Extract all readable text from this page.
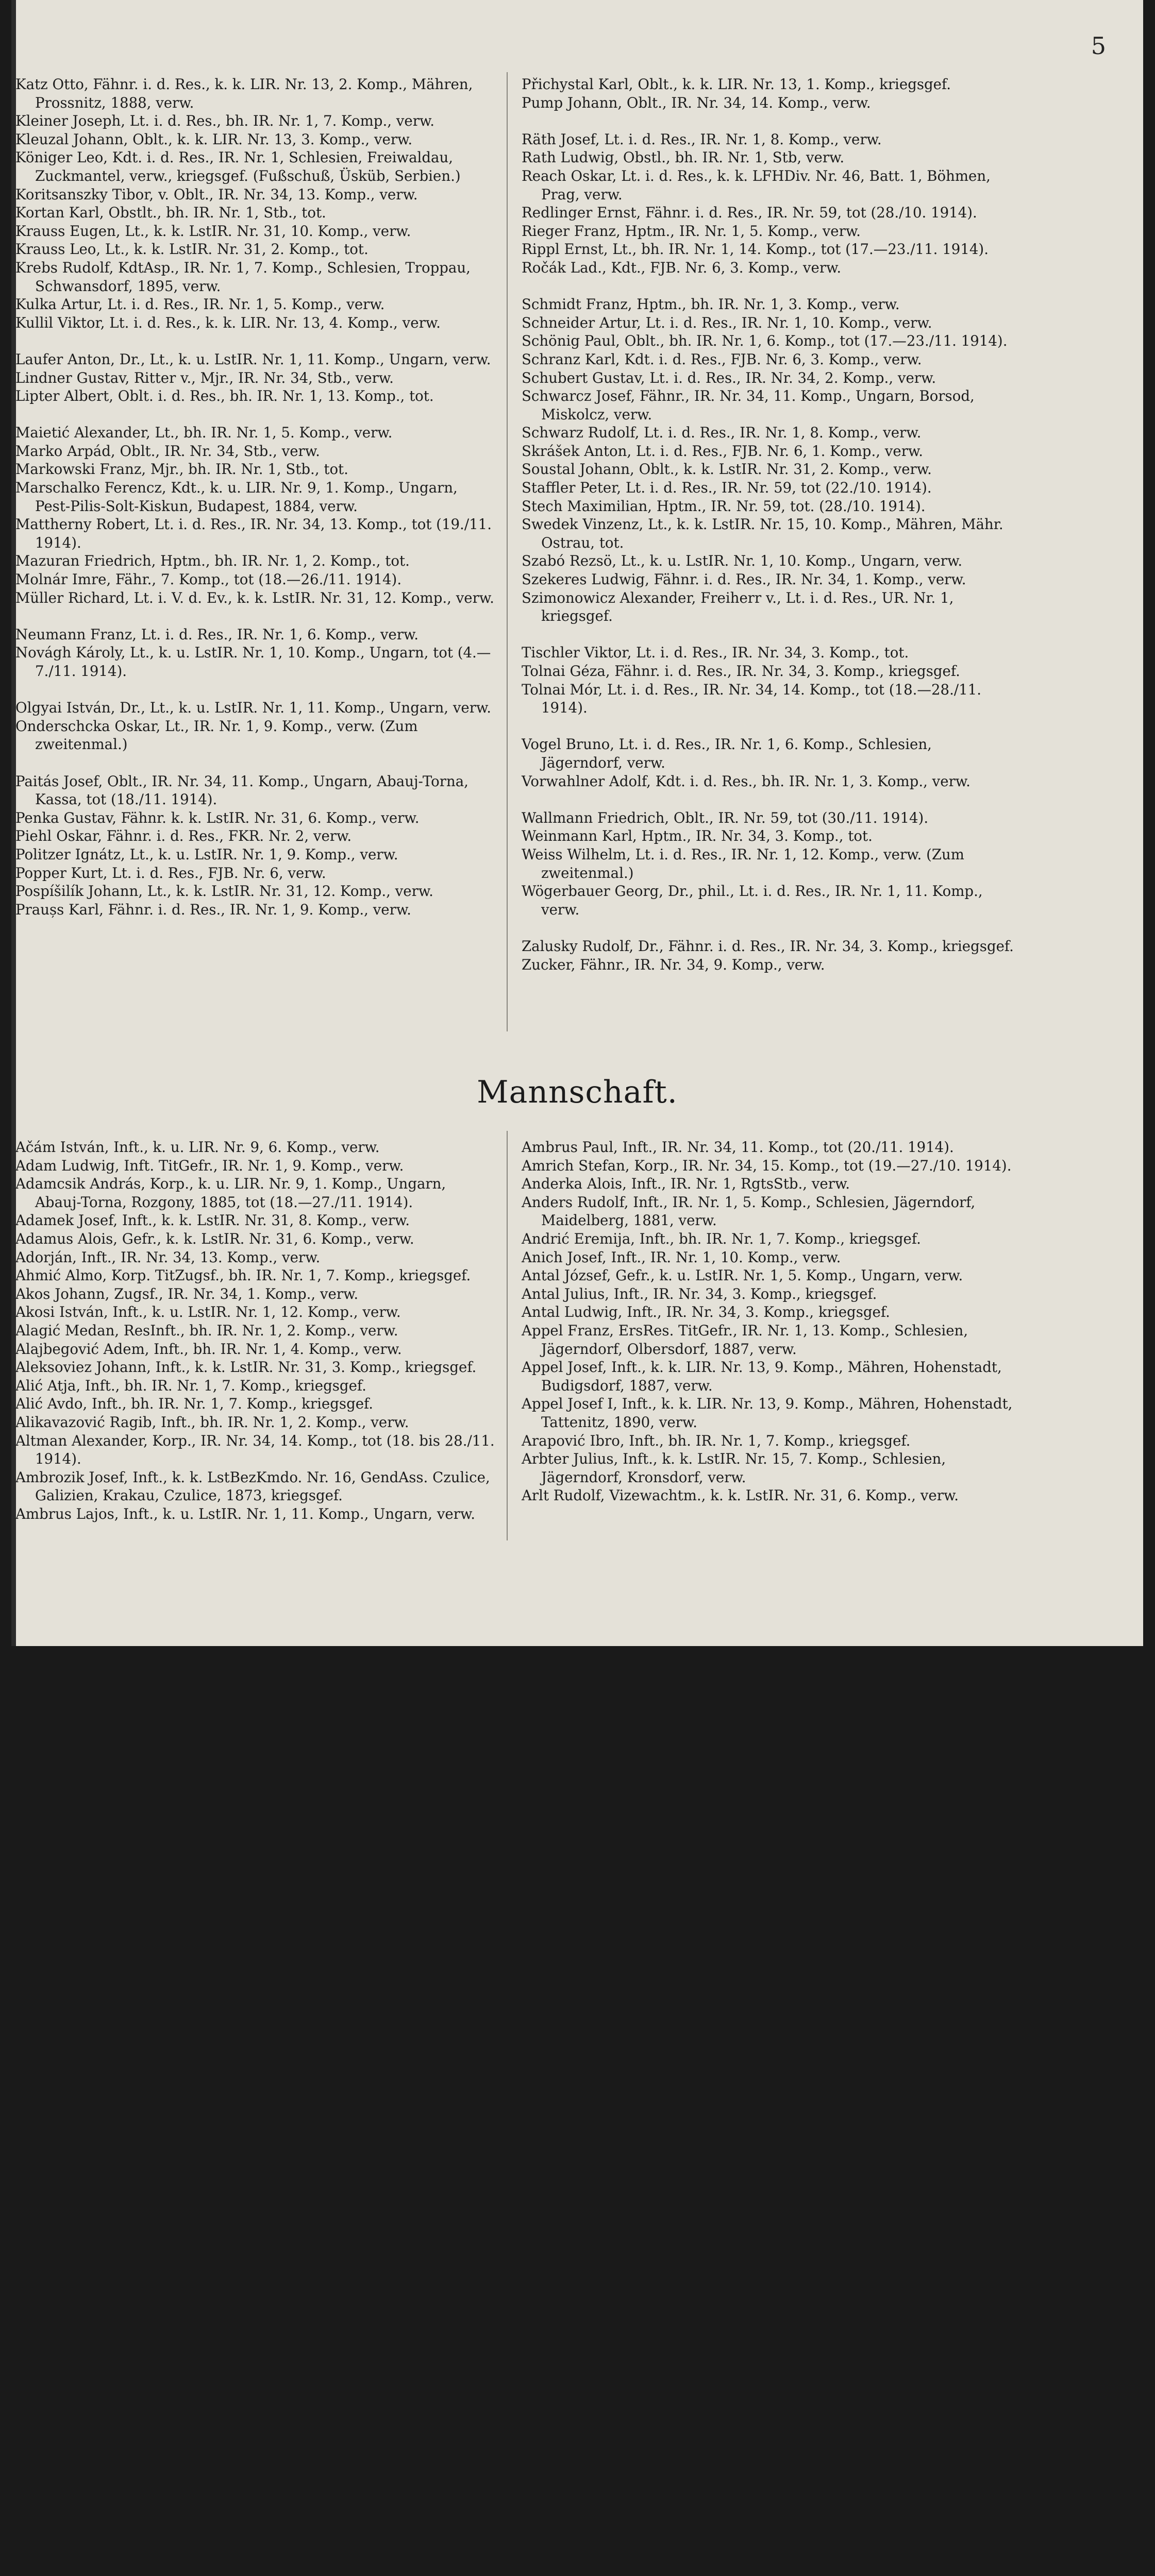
5
Katz Otto, Fähnr. i. d. Res., k. k. LIR. Nr. 13, 2. Komp., Mähren, Prossnitz, 1888, verw.
Kleiner Joseph, Lt. i. d. Res., bh. IR. Nr. 1, 7. Komp., verw.
Kleuzal Johann, Oblt., k. k. LIR. Nr. 13, 3. Komp., verw.
Königer Leo, Kdt. i. d. Res., IR. Nr. 1, Schlesien, Freiwaldau, Zuckmantel, verw., kriegsgef. (Fußschuß, Üsküb, Serbien.)
Koritsanszky Tibor, v. Oblt., IR. Nr. 34, 13. Komp., verw.
Kortan Karl, Obstlt., bh. IR. Nr. 1, Stb., tot.
Krauss Eugen, Lt., k. k. LstIR. Nr. 31, 10. Komp., verw.
Krauss Leo, Lt., k. k. LstIR. Nr. 31, 2. Komp., tot.
Krebs Rudolf, KdtAsp., IR. Nr. 1, 7. Komp., Schlesien, Troppau, Schwansdorf, 1895, verw.
Kulka Artur, Lt. i. d. Res., IR. Nr. 1, 5. Komp., verw.
Kullil Viktor, Lt. i. d. Res., k. k. LIR. Nr. 13, 4. Komp., verw.
Laufer Anton, Dr., Lt., k. u. LstIR. Nr. 1, 11. Komp., Ungarn, verw.
Lindner Gustav, Ritter v., Mjr., IR. Nr. 34, Stb., verw.
Lipter Albert, Oblt. i. d. Res., bh. IR. Nr. 1, 13. Komp., tot.
Maietić Alexander, Lt., bh. IR. Nr. 1, 5. Komp., verw.
Marko Arpád, Oblt., IR. Nr. 34, Stb., verw.
Markowski Franz, Mjr., bh. IR. Nr. 1, Stb., tot.
Marschalko Ferencz, Kdt., k. u. LIR. Nr. 9, 1. Komp., Ungarn, Pest-Pilis-Solt-Kiskun, Budapest, 1884, verw.
Mattherny Robert, Lt. i. d. Res., IR. Nr. 34, 13. Komp., tot (19./11. 1914).
Mazuran Friedrich, Hptm., bh. IR. Nr. 1, 2. Komp., tot.
Molnár Imre, Fähr., 7. Komp., tot (18.—26./11. 1914).
Müller Richard, Lt. i. V. d. Ev., k. k. LstIR. Nr. 31, 12. Komp., verw.
Neumann Franz, Lt. i. d. Res., IR. Nr. 1, 6. Komp., verw.
Novágh Károly, Lt., k. u. LstIR. Nr. 1, 10. Komp., Ungarn, tot (4.—7./11. 1914).
Olgyai István, Dr., Lt., k. u. LstIR. Nr. 1, 11. Komp., Ungarn, verw.
Onderschcka Oskar, Lt., IR. Nr. 1, 9. Komp., verw. (Zum zweitenmal.)
Paitás Josef, Oblt., IR. Nr. 34, 11. Komp., Ungarn, Abauj-Torna, Kassa, tot (18./11. 1914).
Penka Gustav, Fähnr. k. k. LstIR. Nr. 31, 6. Komp., verw.
Piehl Oskar, Fähnr. i. d. Res., FKR. Nr. 2, verw.
Politzer Ignátz, Lt., k. u. LstIR. Nr. 1, 9. Komp., verw.
Popper Kurt, Lt. i. d. Res., FJB. Nr. 6, verw.
Pospíšilík Johann, Lt., k. k. LstIR. Nr. 31, 12. Komp., verw.
Praușs Karl, Fähnr. i. d. Res., IR. Nr. 1, 9. Komp., verw.
Přichystal Karl, Oblt., k. k. LIR. Nr. 13, 1. Komp., kriegsgef.
Pump Johann, Oblt., IR. Nr. 34, 14. Komp., verw.
Räth Josef, Lt. i. d. Res., IR. Nr. 1, 8. Komp., verw.
Rath Ludwig, Obstl., bh. IR. Nr. 1, Stb, verw.
Reach Oskar, Lt. i. d. Res., k. k. LFHDiv. Nr. 46, Batt. 1, Böhmen, Prag, verw.
Redlinger Ernst, Fähnr. i. d. Res., IR. Nr. 59, tot (28./10. 1914).
Rieger Franz, Hptm., IR. Nr. 1, 5. Komp., verw.
Rippl Ernst, Lt., bh. IR. Nr. 1, 14. Komp., tot (17.—23./11. 1914).
Ročák Lad., Kdt., FJB. Nr. 6, 3. Komp., verw.
Schmidt Franz, Hptm., bh. IR. Nr. 1, 3. Komp., verw.
Schneider Artur, Lt. i. d. Res., IR. Nr. 1, 10. Komp., verw.
Schönig Paul, Oblt., bh. IR. Nr. 1, 6. Komp., tot (17.—23./11. 1914).
Schranz Karl, Kdt. i. d. Res., FJB. Nr. 6, 3. Komp., verw.
Schubert Gustav, Lt. i. d. Res., IR. Nr. 34, 2. Komp., verw.
Schwarcz Josef, Fähnr., IR. Nr. 34, 11. Komp., Ungarn, Borsod, Miskolcz, verw.
Schwarz Rudolf, Lt. i. d. Res., IR. Nr. 1, 8. Komp., verw.
Skrášek Anton, Lt. i. d. Res., FJB. Nr. 6, 1. Komp., verw.
Soustal Johann, Oblt., k. k. LstIR. Nr. 31, 2. Komp., verw.
Staffler Peter, Lt. i. d. Res., IR. Nr. 59, tot (22./10. 1914).
Stech Maximilian, Hptm., IR. Nr. 59, tot. (28./10. 1914).
Swedek Vinzenz, Lt., k. k. LstIR. Nr. 15, 10. Komp., Mähren, Mähr. Ostrau, tot.
Szabó Rezsö, Lt., k. u. LstIR. Nr. 1, 10. Komp., Ungarn, verw.
Szekeres Ludwig, Fähnr. i. d. Res., IR. Nr. 34, 1. Komp., verw.
Szimonowicz Alexander, Freiherr v., Lt. i. d. Res., UR. Nr. 1, kriegsgef.
Tischler Viktor, Lt. i. d. Res., IR. Nr. 34, 3. Komp., tot.
Tolnai Géza, Fähnr. i. d. Res., IR. Nr. 34, 3. Komp., kriegsgef.
Tolnai Mór, Lt. i. d. Res., IR. Nr. 34, 14. Komp., tot (18.—28./11. 1914).
Vogel Bruno, Lt. i. d. Res., IR. Nr. 1, 6. Komp., Schlesien, Jägerndorf, verw.
Vorwahlner Adolf, Kdt. i. d. Res., bh. IR. Nr. 1, 3. Komp., verw.
Wallmann Friedrich, Oblt., IR. Nr. 59, tot (30./11. 1914).
Weinmann Karl, Hptm., IR. Nr. 34, 3. Komp., tot.
Weiss Wilhelm, Lt. i. d. Res., IR. Nr. 1, 12. Komp., verw. (Zum zweitenmal.)
Wögerbauer Georg, Dr., phil., Lt. i. d. Res., IR. Nr. 1, 11. Komp., verw.
Zalusky Rudolf, Dr., Fähnr. i. d. Res., IR. Nr. 34, 3. Komp., kriegsgef.
Zucker, Fähnr., IR. Nr. 34, 9. Komp., verw.
Mannschaft.
Ačám István, Inft., k. u. LIR. Nr. 9, 6. Komp., verw.
Adam Ludwig, Inft. TitGefr., IR. Nr. 1, 9. Komp., verw.
Adamcsik András, Korp., k. u. LIR. Nr. 9, 1. Komp., Ungarn, Abauj-Torna, Rozgony, 1885, tot (18.—27./11. 1914).
Adamek Josef, Inft., k. k. LstIR. Nr. 31, 8. Komp., verw.
Adamus Alois, Gefr., k. k. LstIR. Nr. 31, 6. Komp., verw.
Adorján, Inft., IR. Nr. 34, 13. Komp., verw.
Ahmić Almo, Korp. TitZugsf., bh. IR. Nr. 1, 7. Komp., kriegsgef.
Akos Johann, Zugsf., IR. Nr. 34, 1. Komp., verw.
Akosi István, Inft., k. u. LstIR. Nr. 1, 12. Komp., verw.
Alagić Medan, ResInft., bh. IR. Nr. 1, 2. Komp., verw.
Alajbegović Adem, Inft., bh. IR. Nr. 1, 4. Komp., verw.
Aleksoviez Johann, Inft., k. k. LstIR. Nr. 31, 3. Komp., kriegsgef.
Alić Atja, Inft., bh. IR. Nr. 1, 7. Komp., kriegsgef.
Alić Avdo, Inft., bh. IR. Nr. 1, 7. Komp., kriegsgef.
Alikavazović Ragib, Inft., bh. IR. Nr. 1, 2. Komp., verw.
Altman Alexander, Korp., IR. Nr. 34, 14. Komp., tot (18. bis 28./11. 1914).
Ambrozik Josef, Inft., k. k. LstBezKmdo. Nr. 16, GendAss. Czulice, Galizien, Krakau, Czulice, 1873, kriegsgef.
Ambrus Lajos, Inft., k. u. LstIR. Nr. 1, 11. Komp., Ungarn, verw.
Ambrus Paul, Inft., IR. Nr. 34, 11. Komp., tot (20./11. 1914).
Amrich Stefan, Korp., IR. Nr. 34, 15. Komp., tot (19.—27./10. 1914).
Anderka Alois, Inft., IR. Nr. 1, RgtsStb., verw.
Anders Rudolf, Inft., IR. Nr. 1, 5. Komp., Schlesien, Jägerndorf, Maidelberg, 1881, verw.
Andrić Eremija, Inft., bh. IR. Nr. 1, 7. Komp., kriegsgef.
Anich Josef, Inft., IR. Nr. 1, 10. Komp., verw.
Antal József, Gefr., k. u. LstIR. Nr. 1, 5. Komp., Ungarn, verw.
Antal Julius, Inft., IR. Nr. 34, 3. Komp., kriegsgef.
Antal Ludwig, Inft., IR. Nr. 34, 3. Komp., kriegsgef.
Appel Franz, ErsRes. TitGefr., IR. Nr. 1, 13. Komp., Schlesien, Jägerndorf, Olbersdorf, 1887, verw.
Appel Josef, Inft., k. k. LIR. Nr. 13, 9. Komp., Mähren, Hohenstadt, Budigsdorf, 1887, verw.
Appel Josef I, Inft., k. k. LIR. Nr. 13, 9. Komp., Mähren, Hohenstadt, Tattenitz, 1890, verw.
Arapović Ibro, Inft., bh. IR. Nr. 1, 7. Komp., kriegsgef.
Arbter Julius, Inft., k. k. LstIR. Nr. 15, 7. Komp., Schlesien, Jägerndorf, Kronsdorf, verw.
Arlt Rudolf, Vizewachtm., k. k. LstIR. Nr. 31, 6. Komp., verw.
